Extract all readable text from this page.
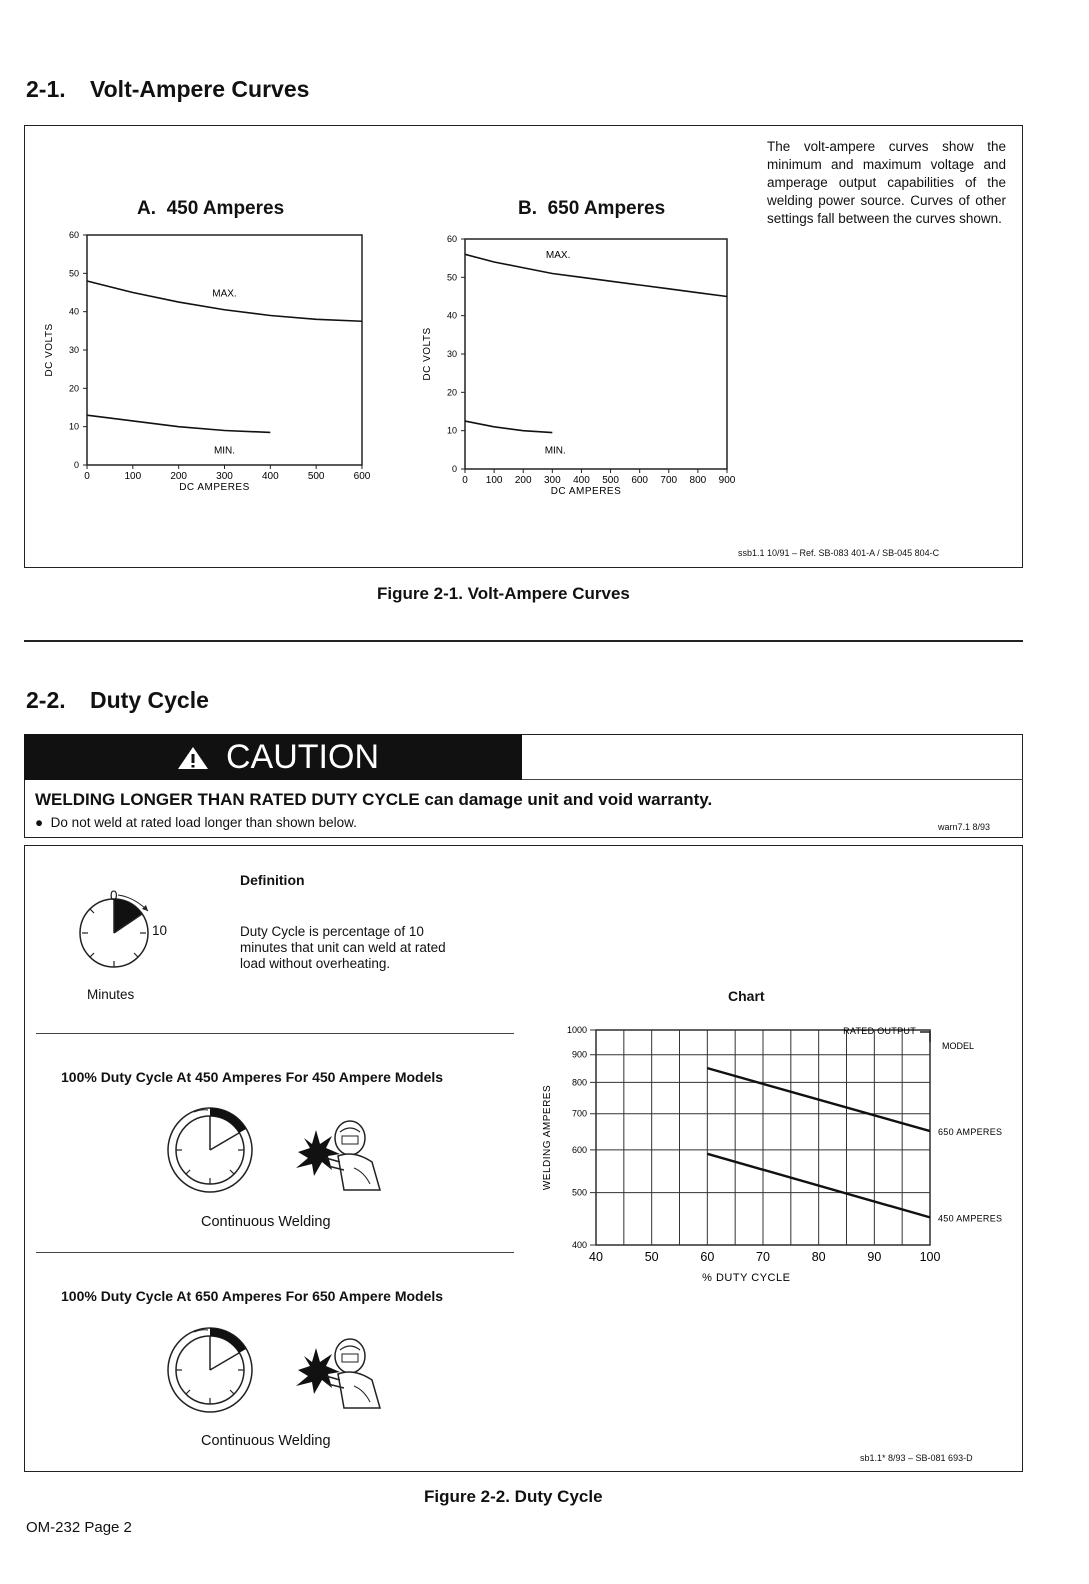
2-1. Volt-Ampere Curves
A. 450 Amperes	B. 650 Amperes
0
10
20
30
40
50
60
0	100	200	300	400	500	600
DC AMPERES
DC VOLTS
MAX.
MIN.
0
10
20
30
40
50
60
0 100 200 300 400 500 600 700 800 900
DC AMPERES
DC VOLTS
MAX.
MIN.
The volt-ampere curves show the minimum and maximum voltage and amperage output capabilities of the welding power source. Curves of other settings fall between the curves shown.
ssb1.1 10/91 – Ref. SB-083 401-A / SB-045 804-C
Figure 2-1. Volt-Ampere Curves
2-2. Duty Cycle
CAUTION
WELDING LONGER THAN RATED DUTY CYCLE can damage unit and void warranty.
● Do not weld at rated load longer than shown below.	warn7.1 8/93
0
10
Minutes
Definition
Duty Cycle is percentage of 10 minutes that unit can weld at rated load without overheating.
100% Duty Cycle At 450 Amperes For 450 Ampere Models
Continuous Welding
100% Duty Cycle At 650 Amperes For 650 Ampere Models
Continuous Welding
Chart
400
500
600
700
800
900
1000
40	50	60	70	80	90	100
% DUTY CYCLE
WELDING AMPERES
RATED OUTPUT
MODEL
650 AMPERES
450 AMPERES
sb1.1* 8/93 – SB-081 693-D
Figure 2-2. Duty Cycle
OM-232 Page 2
